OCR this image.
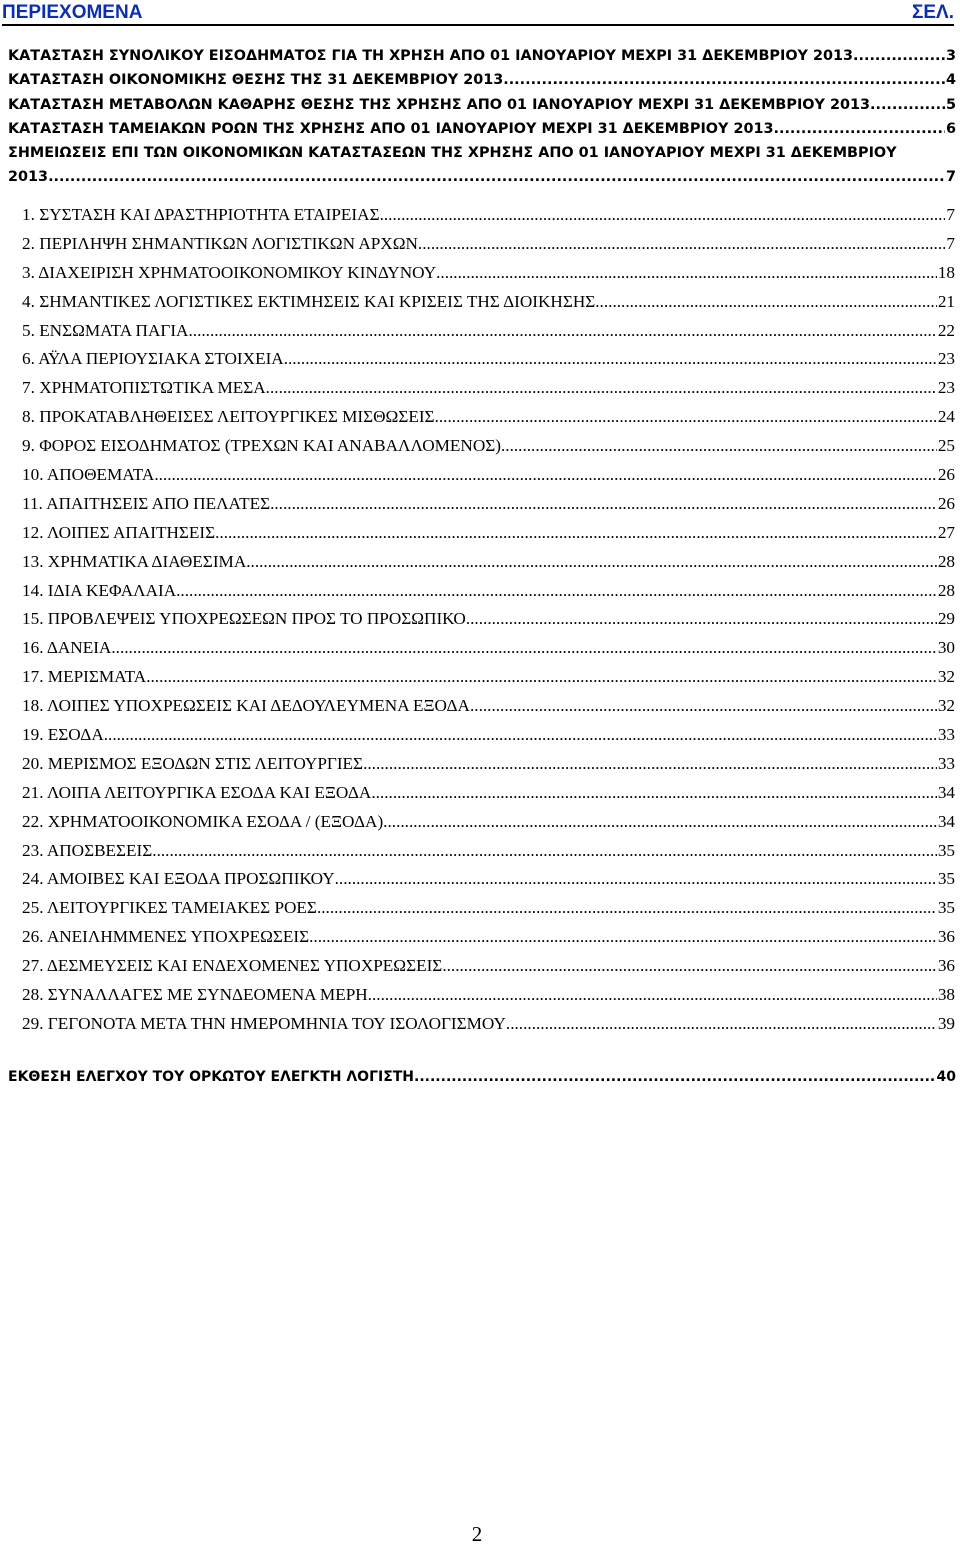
ΠΕΡΙΕΧΟΜΕΝΑ	ΣΕΛ.
ΚΑΤΑΣΤΑΣΗ ΣΥΝΟΛΙΚΟΥ ΕΙΣΟΔΗΜΑΤΟΣ ΓΙΑ ΤΗ ΧΡΗΣΗ ΑΠΟ 01 ΙΑΝΟΥΑΡΙΟΥ ΜΕΧΡΙ 31 ΔΕΚΕΜΒΡΙΟΥ 2013 .....	3
ΚΑΤΑΣΤΑΣΗ ΟΙΚΟΝΟΜΙΚΗΣ ΘΕΣΗΣ ΤΗΣ 31 ΔΕΚΕΜΒΡΙΟΥ 2013 .....	4
ΚΑΤΑΣΤΑΣΗ ΜΕΤΑΒΟΛΩΝ ΚΑΘΑΡΗΣ ΘΕΣΗΣ ΤΗΣ ΧΡΗΣΗΣ ΑΠΟ 01 ΙΑΝΟΥΑΡΙΟΥ ΜΕΧΡΙ 31 ΔΕΚΕΜΒΡΙΟΥ 2013 .....	5
ΚΑΤΑΣΤΑΣΗ ΤΑΜΕΙΑΚΩΝ ΡΟΩΝ ΤΗΣ ΧΡΗΣΗΣ ΑΠΟ 01 ΙΑΝΟΥΑΡΙΟΥ ΜΕΧΡΙ 31 ΔΕΚΕΜΒΡΙΟΥ 2013 .....	6
ΣΗΜΕΙΩΣΕΙΣ ΕΠΙ ΤΩΝ ΟΙΚΟΝΟΜΙΚΩΝ ΚΑΤΑΣΤΑΣΕΩΝ ΤΗΣ ΧΡΗΣΗΣ ΑΠΟ 01 ΙΑΝΟΥΑΡΙΟΥ ΜΕΧΡΙ 31 ΔΕΚΕΜΒΡΙΟΥ
2013 .....	7
1. ΣΥΣΤΑΣΗ ΚΑΙ ΔΡΑΣΤΗΡΙΟΤΗΤΑ ΕΤΑΙΡΕΙΑΣ .....	7
2. ΠΕΡΙΛΗΨΗ ΣΗΜΑΝΤΙΚΩΝ ΛΟΓΙΣΤΙΚΩΝ ΑΡΧΩΝ .....	7
3. ΔΙΑΧΕΙΡΙΣΗ ΧΡΗΜΑΤΟΟΙΚΟΝΟΜΙΚΟΥ ΚΙΝΔΥΝΟΥ .....	18
4. ΣΗΜΑΝΤΙΚΕΣ ΛΟΓΙΣΤΙΚΕΣ ΕΚΤΙΜΗΣΕΙΣ ΚΑΙ ΚΡΙΣΕΙΣ ΤΗΣ ΔΙΟΙΚΗΣΗΣ .....	21
5. ΕΝΣΩΜΑΤΑ ΠΑΓΙΑ .....	22
6. ΑΫΛΑ ΠΕΡΙΟΥΣΙΑΚΑ ΣΤΟΙΧΕΙΑ .....	23
7. ΧΡΗΜΑΤΟΠΙΣΤΩΤΙΚΑ ΜΕΣΑ .....	23
8. ΠΡΟΚΑΤΑΒΛΗΘΕΙΣΕΣ ΛΕΙΤΟΥΡΓΙΚΕΣ ΜΙΣΘΩΣΕΙΣ .....	24
9. ΦΟΡΟΣ ΕΙΣΟΔΗΜΑΤΟΣ (ΤΡΕΧΩΝ ΚΑΙ ΑΝΑΒΑΛΛΟΜΕΝΟΣ) .....	25
10. ΑΠΟΘΕΜΑΤΑ .....	26
11. ΑΠΑΙΤΗΣΕΙΣ ΑΠΟ ΠΕΛΑΤΕΣ .....	26
12. ΛΟΙΠΕΣ ΑΠΑΙΤΗΣΕΙΣ .....	27
13. ΧΡΗΜΑΤΙΚΑ ΔΙΑΘΕΣΙΜΑ .....	28
14. ΙΔΙΑ ΚΕΦΑΛΑΙΑ .....	28
15. ΠΡΟΒΛΕΨΕΙΣ ΥΠΟΧΡΕΩΣΕΩΝ ΠΡΟΣ ΤΟ ΠΡΟΣΩΠΙΚΟ .....	29
16. ΔΑΝΕΙΑ .....	30
17. ΜΕΡΙΣΜΑΤΑ .....	32
18. ΛΟΙΠΕΣ ΥΠΟΧΡΕΩΣΕΙΣ ΚΑΙ ΔΕΔΟΥΛΕΥΜΕΝΑ ΕΞΟΔΑ .....	32
19. ΕΣΟΔΑ .....	33
20. ΜΕΡΙΣΜΟΣ ΕΞΟΔΩΝ ΣΤΙΣ ΛΕΙΤΟΥΡΓΙΕΣ .....	33
21. ΛΟΙΠΑ ΛΕΙΤΟΥΡΓΙΚΑ ΕΣΟΔΑ ΚΑΙ ΕΞΟΔΑ .....	34
22. ΧΡΗΜΑΤΟΟΙΚΟΝΟΜΙΚΑ ΕΣΟΔΑ / (ΕΞΟΔΑ) .....	34
23. ΑΠΟΣΒΕΣΕΙΣ .....	35
24. ΑΜΟΙΒΕΣ ΚΑΙ ΕΞΟΔΑ ΠΡΟΣΩΠΙΚΟΥ .....	35
25. ΛΕΙΤΟΥΡΓΙΚΕΣ ΤΑΜΕΙΑΚΕΣ ΡΟΕΣ .....	35
26. ΑΝΕΙΛΗΜΜΕΝΕΣ ΥΠΟΧΡΕΩΣΕΙΣ .....	36
27. ΔΕΣΜΕΥΣΕΙΣ ΚΑΙ ΕΝΔΕΧΟΜΕΝΕΣ ΥΠΟΧΡΕΩΣΕΙΣ .....	36
28. ΣΥΝΑΛΛΑΓΕΣ ΜΕ ΣΥΝΔΕΟΜΕΝΑ ΜΕΡΗ .....	38
29. ΓΕΓΟΝΟΤΑ ΜΕΤΑ ΤΗΝ ΗΜΕΡΟΜΗΝΙΑ ΤΟΥ ΙΣΟΛΟΓΙΣΜΟΥ .....	39
ΕΚΘΕΣΗ ΕΛΕΓΧΟΥ ΤΟΥ ΟΡΚΩΤΟΥ ΕΛΕΓΚΤΗ ΛΟΓΙΣΤΗ .....	40
2
